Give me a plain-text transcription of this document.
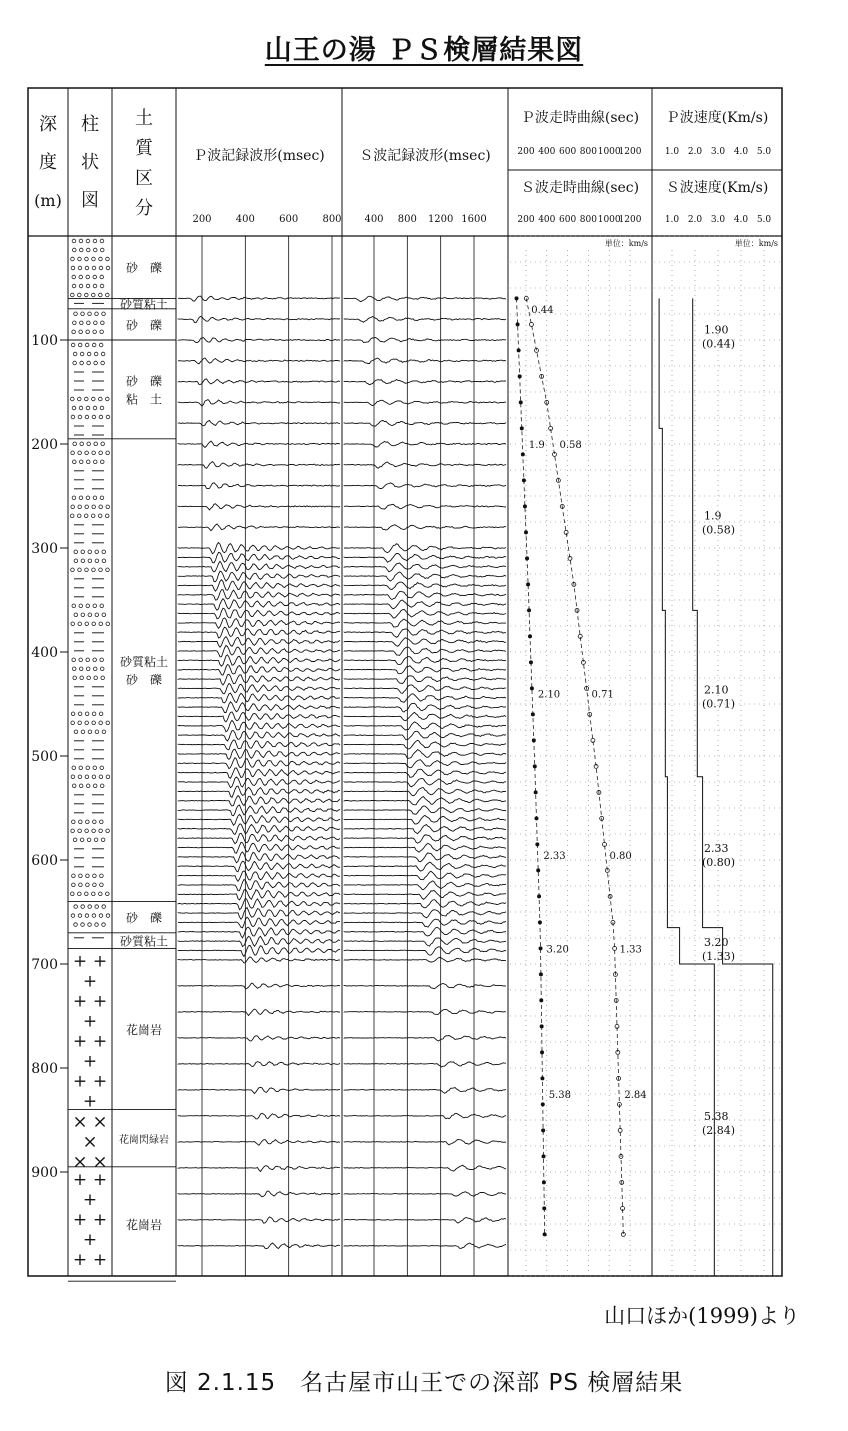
山王の湯 ＰＳ検層結果図
深
度
(m)
柱
状
図
土
質
区
分
Ｐ波記録波形(msec) Ｓ波記録波形(msec)
Ｐ波走時曲線(sec)
Ｓ波走時曲線(sec)
Ｐ波速度(Km/s)
Ｓ波速度(Km/s)
200 400 600 800 400 800 1200 1600
200
200
400
400
600
600
800
800
1000
1000
1200
1200
1.0
1.0
2.0
2.0
3.0
3.0
4.0
4.0
5.0
5.0
+ +
+
+ +
+
+ +
+
+ +
+
× ×
×
× ×
+ +
+
+ +
+
+ +
砂　礫
砂質粘土
砂　礫
砂　礫
粘　土
砂質粘土
砂　礫
砂　礫
砂質粘土
花崗岩
花崗閃緑岩
花崗岩
100
200
300
400
500
600
700
800
900
0.44
1.9 0.58
2.10	0.71
2.33	0.80
3.20	1.33
5.38	2.84
1.90
(0.44)
1.9
(0.58)
2.10
(0.71)
2.33
(0.80)
3.20
(1.33)
5.38
(2.84)
単位：km/s	単位：km/s
山口ほか(1999)より
図 2.1.15　名古屋市山王での深部 PS 検層結果
